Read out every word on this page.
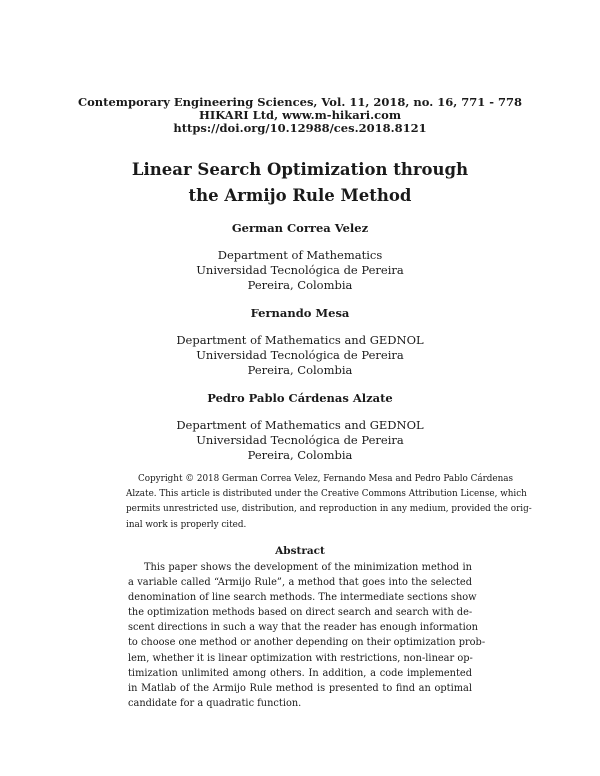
Contemporary Engineering Sciences, Vol. 11, 2018, no. 16, 771 - 778
HIKARI Ltd, www.m-hikari.com
https://doi.org/10.12988/ces.2018.8121
Linear Search Optimization through
the Armijo Rule Method
German Correa Velez
Department of Mathematics
Universidad Tecnológica de Pereira
Pereira, Colombia
Fernando Mesa
Department of Mathematics and GEDNOL
Universidad Tecnológica de Pereira
Pereira, Colombia
Pedro Pablo Cárdenas Alzate
Department of Mathematics and GEDNOL
Universidad Tecnológica de Pereira
Pereira, Colombia
Copyright © 2018 German Correa Velez, Fernando Mesa and Pedro Pablo Cárdenas
Alzate. This article is distributed under the Creative Commons Attribution License, which
permits unrestricted use, distribution, and reproduction in any medium, provided the orig-
inal work is properly cited.
Abstract
This paper shows the development of the minimization method in
a variable called “Armijo Rule”, a method that goes into the selected
denomination of line search methods. The intermediate sections show
the optimization methods based on direct search and search with de-
scent directions in such a way that the reader has enough information
to choose one method or another depending on their optimization prob-
lem, whether it is linear optimization with restrictions, non-linear op-
timization unlimited among others. In addition, a code implemented
in Matlab of the Armijo Rule method is presented to find an optimal
candidate for a quadratic function.
